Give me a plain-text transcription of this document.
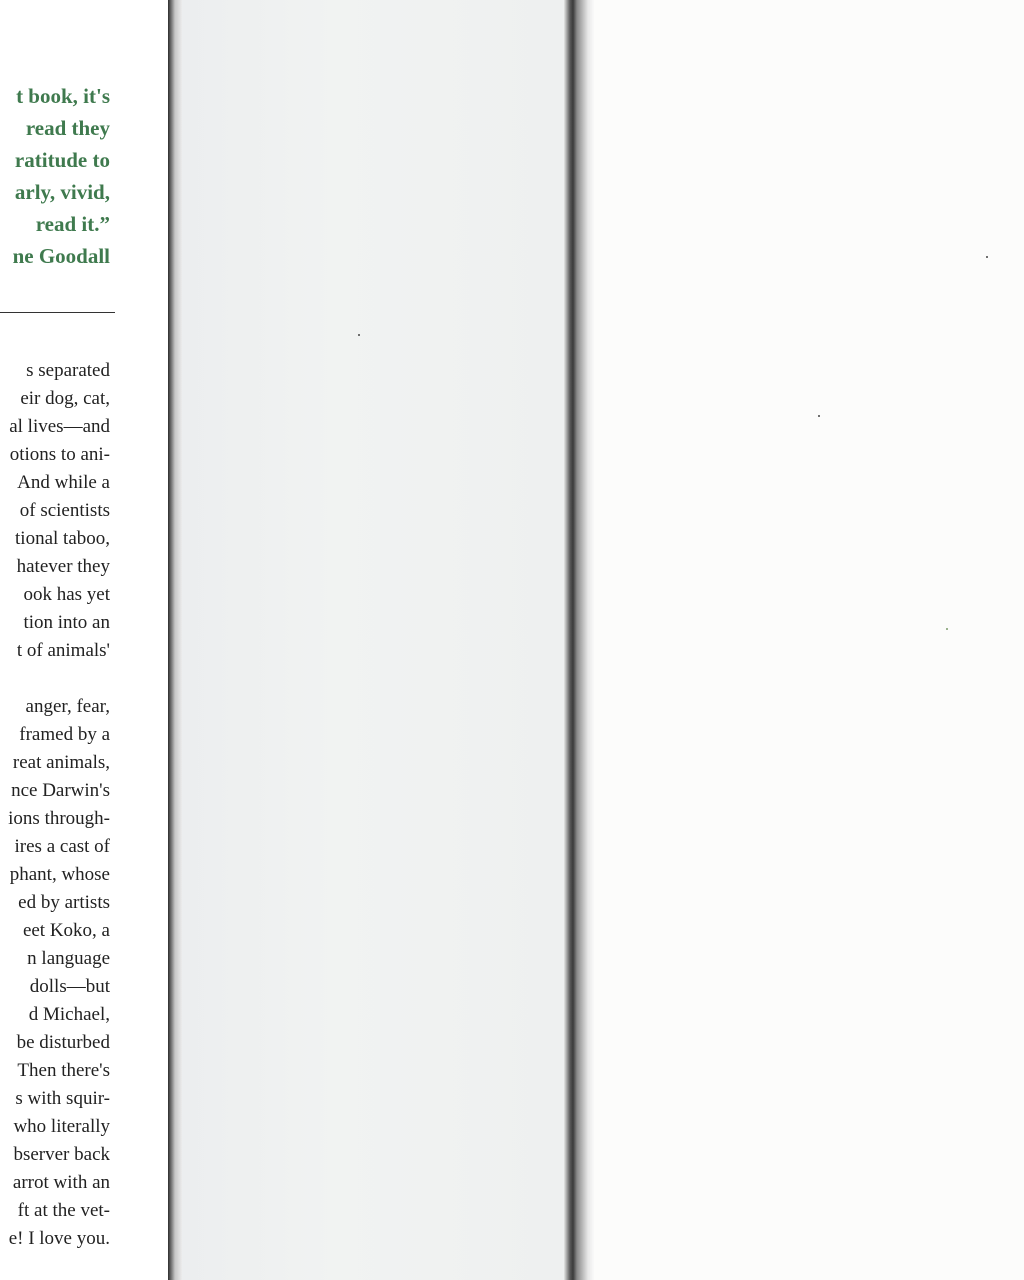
t book, it's
read they
ratitude to
arly, vivid,
read it.”
ne Goodall
s separated
eir dog, cat,
al lives—and
otions to ani-
And while a
of scientists
tional taboo,
hatever they
ook has yet
tion into an
t of animals'
anger, fear,
framed by a
reat animals,
nce Darwin's
ions through-
ires a cast of
phant, whose
ed by artists
eet Koko, a
n language
dolls—but
d Michael,
be disturbed
Then there's
s with squir-
who literally
bserver back
arrot with an
ft at the vet-
e! I love you.
